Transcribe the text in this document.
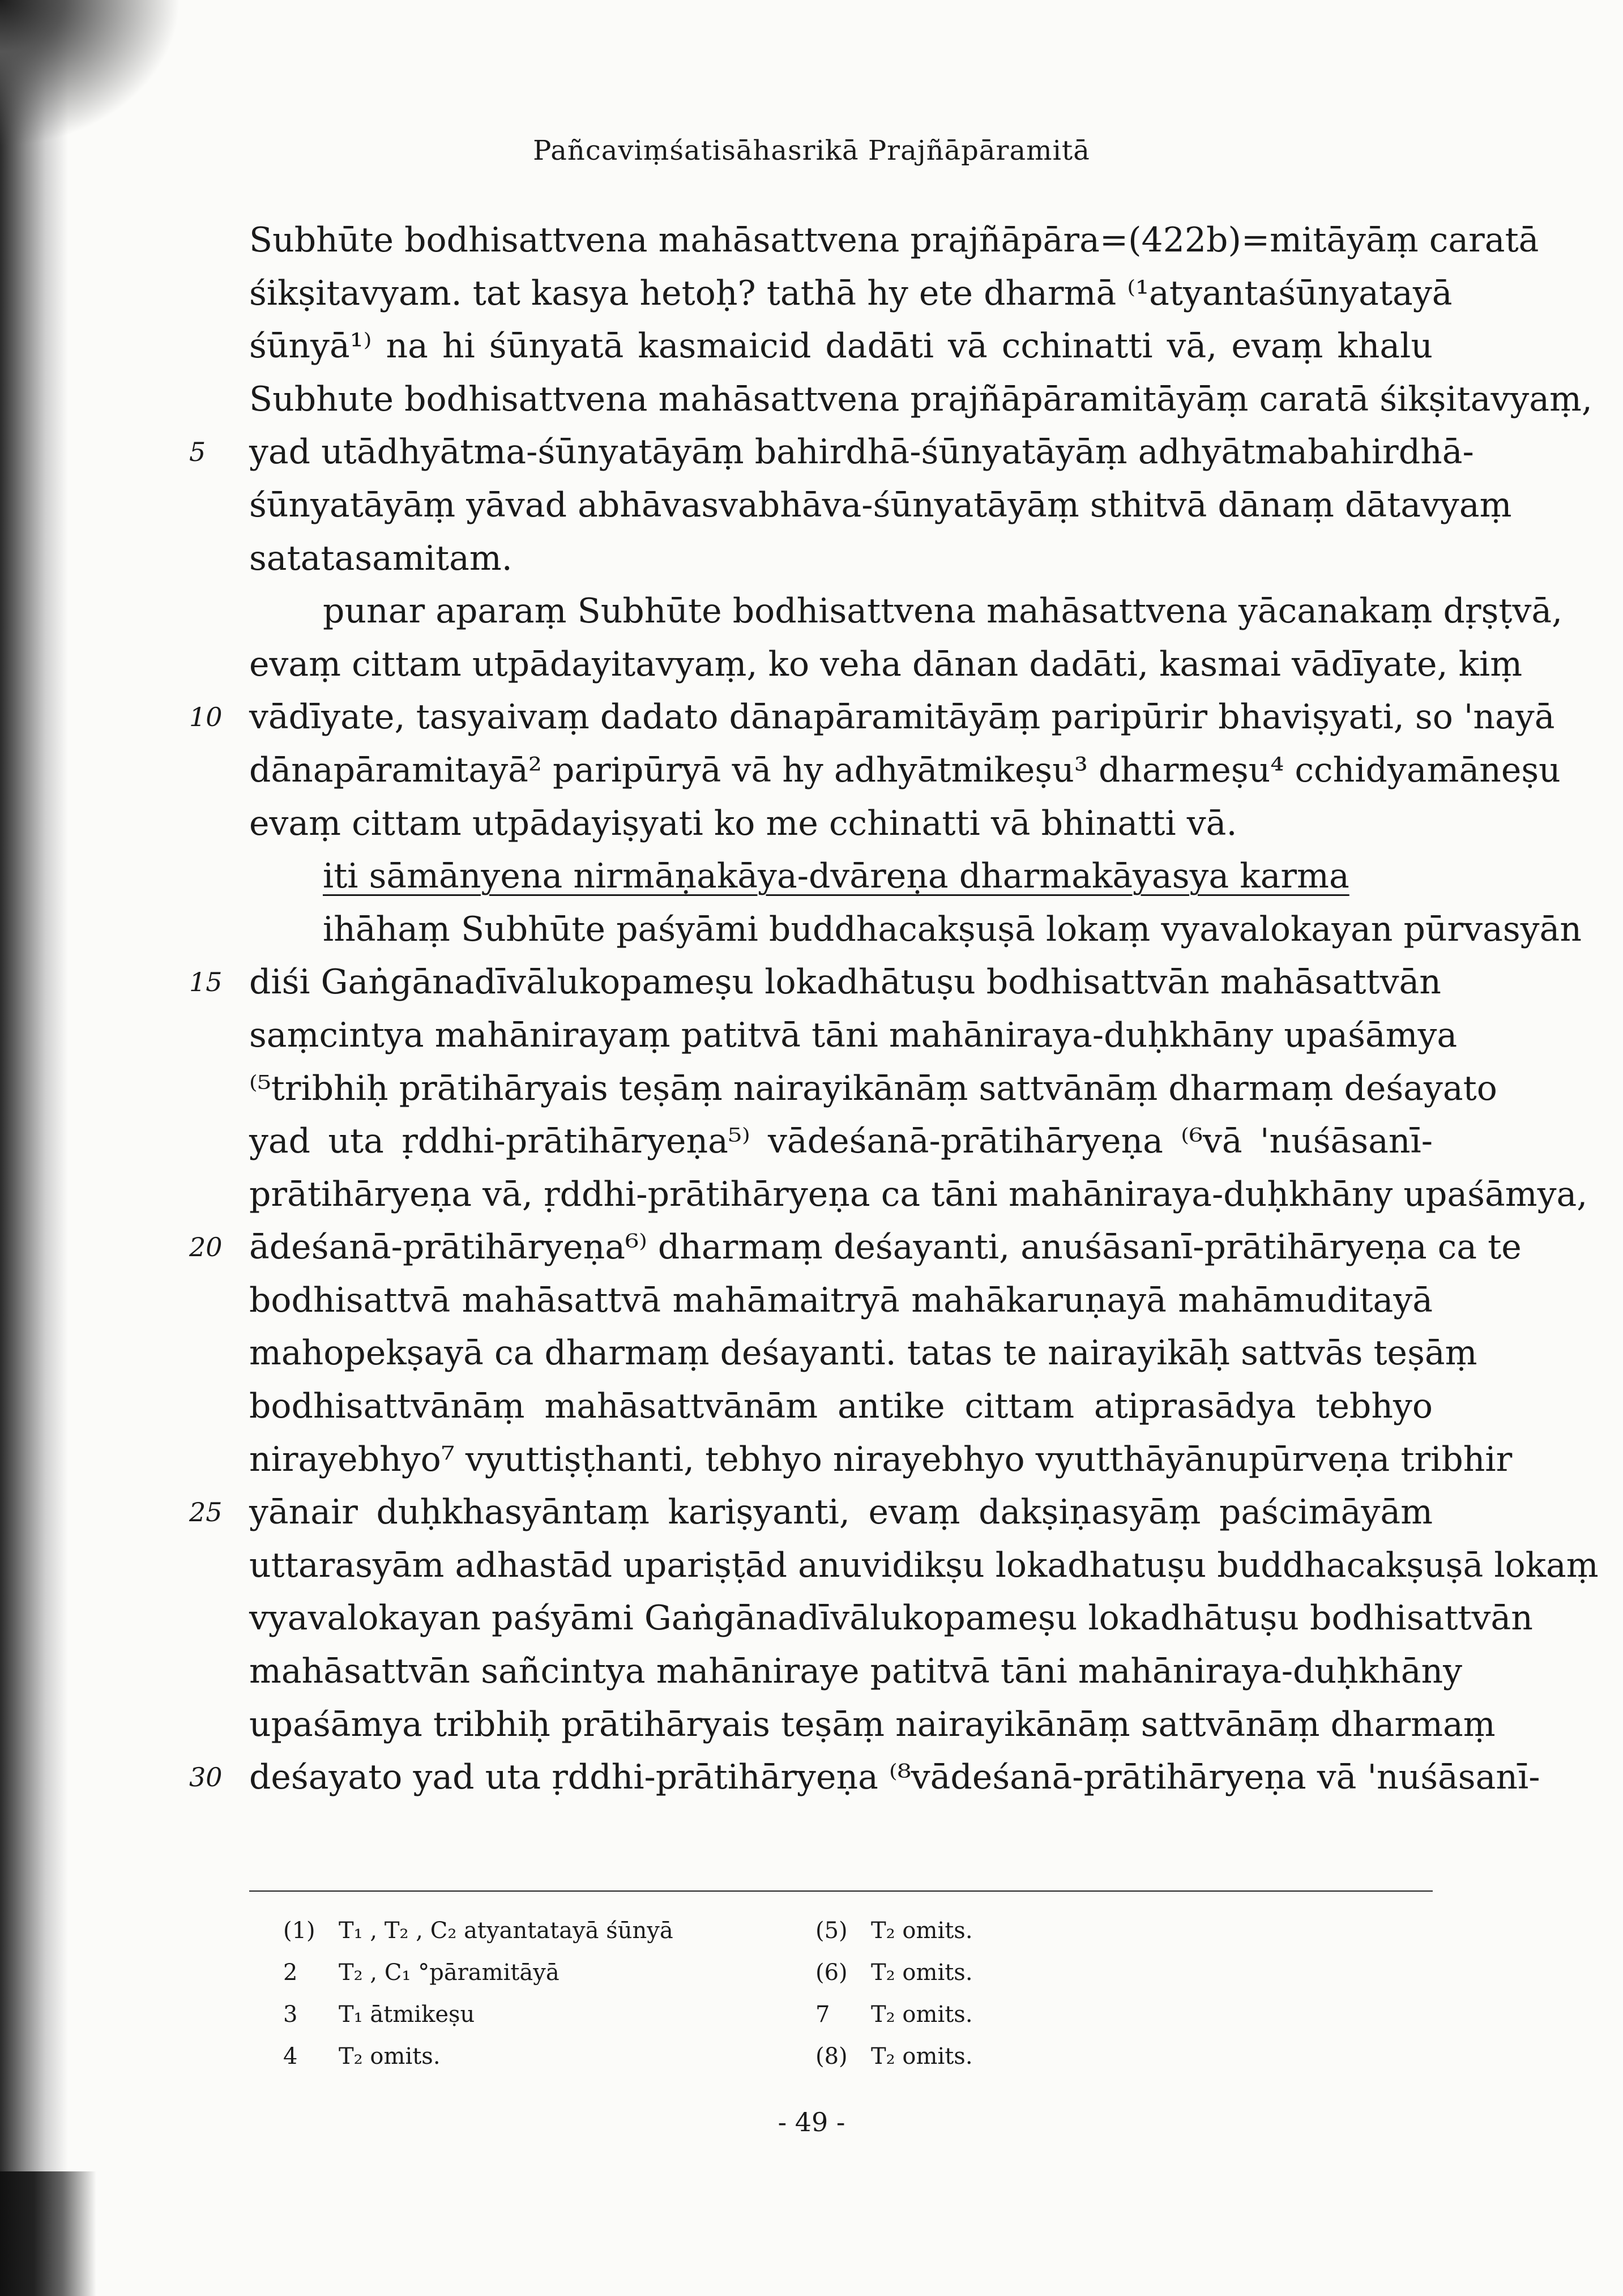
Pañcaviṃśatisāhasrikā Prajñāpāramitā
Subhūte bodhisattvena mahāsattvena prajñāpāra=(422b)=mitāyāṃ caratā
śikṣitavyam. tat kasya hetoḥ? tathā hy ete dharmā ⁽¹atyantaśūnyatayā
śūnyā¹⁾ na hi śūnyatā kasmaicid dadāti vā cchinatti vā, evaṃ khalu
Subhute bodhisattvena mahāsattvena prajñāpāramitāyāṃ caratā śikṣitavyaṃ,
5 yad utādhyātma-śūnyatāyāṃ bahirdhā-śūnyatāyāṃ adhyātmabahirdhā-
śūnyatāyāṃ yāvad abhāvasvabhāva-śūnyatāyāṃ sthitvā dānaṃ dātavyaṃ
satatasamitam.
punar aparaṃ Subhūte bodhisattvena mahāsattvena yācanakaṃ dṛṣṭvā,
evaṃ cittam utpādayitavyaṃ, ko veha dānan dadāti, kasmai vādīyate, kiṃ
10 vādīyate, tasyaivaṃ dadato dānapāramitāyāṃ paripūrir bhaviṣyati, so 'nayā
dānapāramitayā² paripūryā vā hy adhyātmikeṣu³ dharmeṣu⁴ cchidyamāneṣu
evaṃ cittam utpādayiṣyati ko me cchinatti vā bhinatti vā.
iti sāmānyena nirmāṇakāya-dvāreṇa dharmakāyasya karma
ihāhaṃ Subhūte paśyāmi buddhacakṣuṣā lokaṃ vyavalokayan pūrvasyān
15 diśi Gaṅgānadīvālukopameṣu lokadhātuṣu bodhisattvān mahāsattvān
saṃcintya mahānirayaṃ patitvā tāni mahāniraya-duḥkhāny upaśāmya
⁽⁵tribhiḥ prātihāryais teṣāṃ nairayikānāṃ sattvānāṃ dharmaṃ deśayato
yad uta ṛddhi-prātihāryeṇa⁵⁾ vādeśanā-prātihāryeṇa ⁽⁶vā 'nuśāsanī-
prātihāryeṇa vā, ṛddhi-prātihāryeṇa ca tāni mahāniraya-duḥkhāny upaśāmya,
20 ādeśanā-prātihāryeṇa⁶⁾ dharmaṃ deśayanti, anuśāsanī-prātihāryeṇa ca te
bodhisattvā mahāsattvā mahāmaitryā mahākaruṇayā mahāmuditayā
mahopekṣayā ca dharmaṃ deśayanti. tatas te nairayikāḥ sattvās teṣāṃ
bodhisattvānāṃ mahāsattvānām antike cittam atiprasādya tebhyo
nirayebhyo⁷ vyuttiṣṭhanti, tebhyo nirayebhyo vyutthāyānupūrveṇa tribhir
25 yānair duḥkhasyāntaṃ kariṣyanti, evaṃ dakṣiṇasyāṃ paścimāyām
uttarasyām adhastād upariṣṭād anuvidikṣu lokadhatuṣu buddhacakṣuṣā lokaṃ
vyavalokayan paśyāmi Gaṅgānadīvālukopameṣu lokadhātuṣu bodhisattvān
mahāsattvān sañcintya mahāniraye patitvā tāni mahāniraya-duḥkhāny
upaśāmya tribhiḥ prātihāryais teṣāṃ nairayikānāṃ sattvānāṃ dharmaṃ
30 deśayato yad uta ṛddhi-prātihāryeṇa ⁽⁸vādeśanā-prātihāryeṇa vā 'nuśāsanī-
(1) T₁ , T₂ , C₂ atyantatayā śūnyā
2 T₂ , C₁ °pāramitāyā
3 T₁ ātmikeṣu
4 T₂ omits.
(5) T₂ omits.
(6) T₂ omits.
7 T₂ omits.
(8) T₂ omits.
- 49 -
